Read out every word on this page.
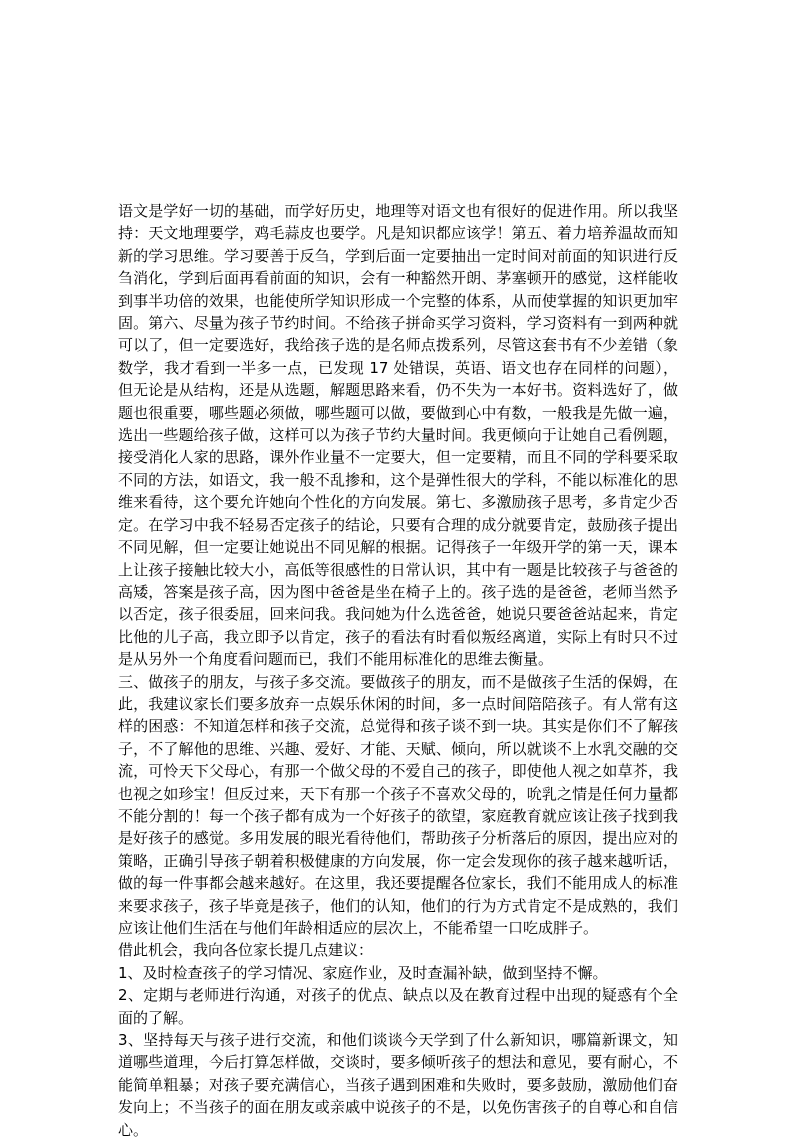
语文是学好一切的基础，而学好历史，地理等对语文也有很好的促进作用。所以我坚持：天文地理要学，鸡毛蒜皮也要学。凡是知识都应该学！第五、着力培养温故而知新的学习思维。学习要善于反刍，学到后面一定要抽出一定时间对前面的知识进行反刍消化，学到后面再看前面的知识，会有一种豁然开朗、茅塞顿开的感觉，这样能收到事半功倍的效果，也能使所学知识形成一个完整的体系，从而使掌握的知识更加牢固。第六、尽量为孩子节约时间。不给孩子拼命买学习资料，学习资料有一到两种就可以了，但一定要选好，我给孩子选的是名师点拨系列，尽管这套书有不少差错（象数学，我才看到一半多一点，已发现 17 处错误，英语、语文也存在同样的问题），但无论是从结构，还是从选题，解题思路来看，仍不失为一本好书。资料选好了，做题也很重要，哪些题必须做，哪些题可以做，要做到心中有数，一般我是先做一遍，选出一些题给孩子做，这样可以为孩子节约大量时间。我更倾向于让她自己看例题，接受消化人家的思路，课外作业量不一定要大，但一定要精，而且不同的学科要采取不同的方法，如语文，我一般不乱掺和，这个是弹性很大的学科，不能以标准化的思维来看待，这个要允许她向个性化的方向发展。第七、多激励孩子思考，多肯定少否定。在学习中我不轻易否定孩子的结论，只要有合理的成分就要肯定，鼓励孩子提出不同见解，但一定要让她说出不同见解的根据。记得孩子一年级开学的第一天，课本上让孩子接触比较大小，高低等很感性的日常认识，其中有一题是比较孩子与爸爸的高矮，答案是孩子高，因为图中爸爸是坐在椅子上的。孩子选的是爸爸，老师当然予以否定，孩子很委屈，回来问我。我问她为什么选爸爸，她说只要爸爸站起来，肯定比他的儿子高，我立即予以肯定，孩子的看法有时看似叛经离道，实际上有时只不过是从另外一个角度看问题而已，我们不能用标准化的思维去衡量。

三、做孩子的朋友，与孩子多交流。要做孩子的朋友，而不是做孩子生活的保姆，在此，我建议家长们要多放弃一点娱乐休闲的时间，多一点时间陪陪孩子。有人常有这样的困惑：不知道怎样和孩子交流，总觉得和孩子谈不到一块。其实是你们不了解孩子，不了解他的思维、兴趣、爱好、才能、天赋、倾向，所以就谈不上水乳交融的交流，可怜天下父母心，有那一个做父母的不爱自己的孩子，即使他人视之如草芥，我也视之如珍宝！但反过来，天下有那一个孩子不喜欢父母的，吮乳之情是任何力量都不能分割的！每一个孩子都有成为一个好孩子的欲望，家庭教育就应该让孩子找到我是好孩子的感觉。多用发展的眼光看待他们，帮助孩子分析落后的原因，提出应对的策略，正确引导孩子朝着积极健康的方向发展，你一定会发现你的孩子越来越听话，做的每一件事都会越来越好。在这里，我还要提醒各位家长，我们不能用成人的标准来要求孩子，孩子毕竟是孩子，他们的认知，他们的行为方式肯定不是成熟的，我们应该让他们生活在与他们年龄相适应的层次上，不能希望一口吃成胖子。

借此机会，我向各位家长提几点建议：

1、及时检查孩子的学习情况、家庭作业，及时查漏补缺，做到坚持不懈。

2、定期与老师进行沟通，对孩子的优点、缺点以及在教育过程中出现的疑惑有个全面的了解。

3、坚持每天与孩子进行交流，和他们谈谈今天学到了什么新知识，哪篇新课文，知道哪些道理，今后打算怎样做，交谈时，要多倾听孩子的想法和意见，要有耐心，不能简单粗暴；对孩子要充满信心，当孩子遇到困难和失败时，要多鼓励，激励他们奋发向上；不当孩子的面在朋友或亲戚中说孩子的不是，以免伤害孩子的自尊心和自信心。
